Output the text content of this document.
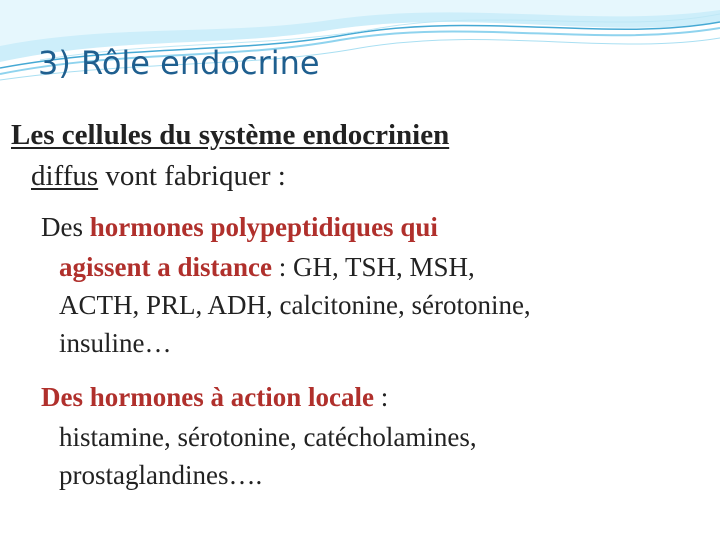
3) Rôle endocrine
Les cellules du système endocrinien
diffus vont fabriquer :
Des hormones polypeptidiques qui
agissent a distance : GH, TSH, MSH,
ACTH, PRL, ADH, calcitonine, sérotonine,
insuline…
Des hormones à action locale :
histamine, sérotonine, catécholamines,
prostaglandines….
